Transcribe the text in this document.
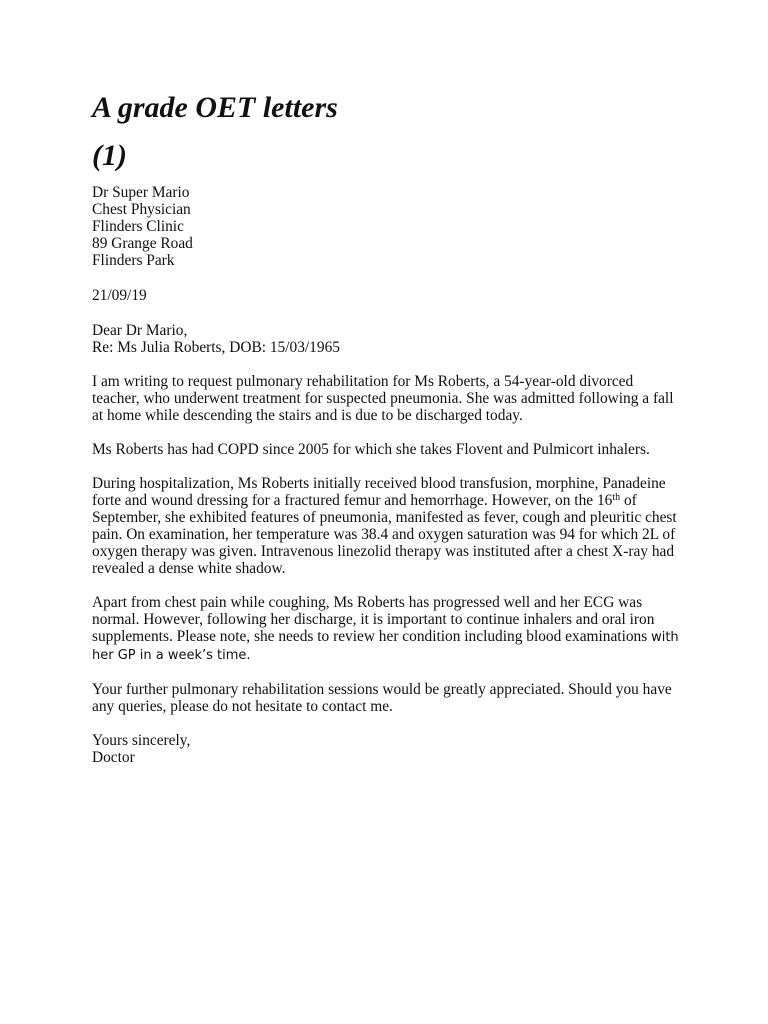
A grade OET letters
(1)
Dr Super Mario
Chest Physician
Flinders Clinic
89 Grange Road
Flinders Park
21/09/19
Dear Dr Mario,
Re: Ms Julia Roberts, DOB: 15/03/1965

I am writing to request pulmonary rehabilitation for Ms Roberts, a 54-year-old divorced teacher, who underwent treatment for suspected pneumonia. She was admitted following a fall at home while descending the stairs and is due to be discharged today.

Ms Roberts has had COPD since 2005 for which she takes Flovent and Pulmicort inhalers.

During hospitalization, Ms Roberts initially received blood transfusion, morphine, Panadeine forte and wound dressing for a fractured femur and hemorrhage. However, on the 16th of September, she exhibited features of pneumonia, manifested as fever, cough and pleuritic chest pain. On examination, her temperature was 38.4 and oxygen saturation was 94 for which 2L of oxygen therapy was given. Intravenous linezolid therapy was instituted after a chest X-ray had revealed a dense white shadow.

Apart from chest pain while coughing, Ms Roberts has progressed well and her ECG was normal. However, following her discharge, it is important to continue inhalers and oral iron supplements. Please note, she needs to review her condition including blood examinations with her GP in a week’s time.

Your further pulmonary rehabilitation sessions would be greatly appreciated. Should you have any queries, please do not hesitate to contact me.

Yours sincerely,
Doctor
